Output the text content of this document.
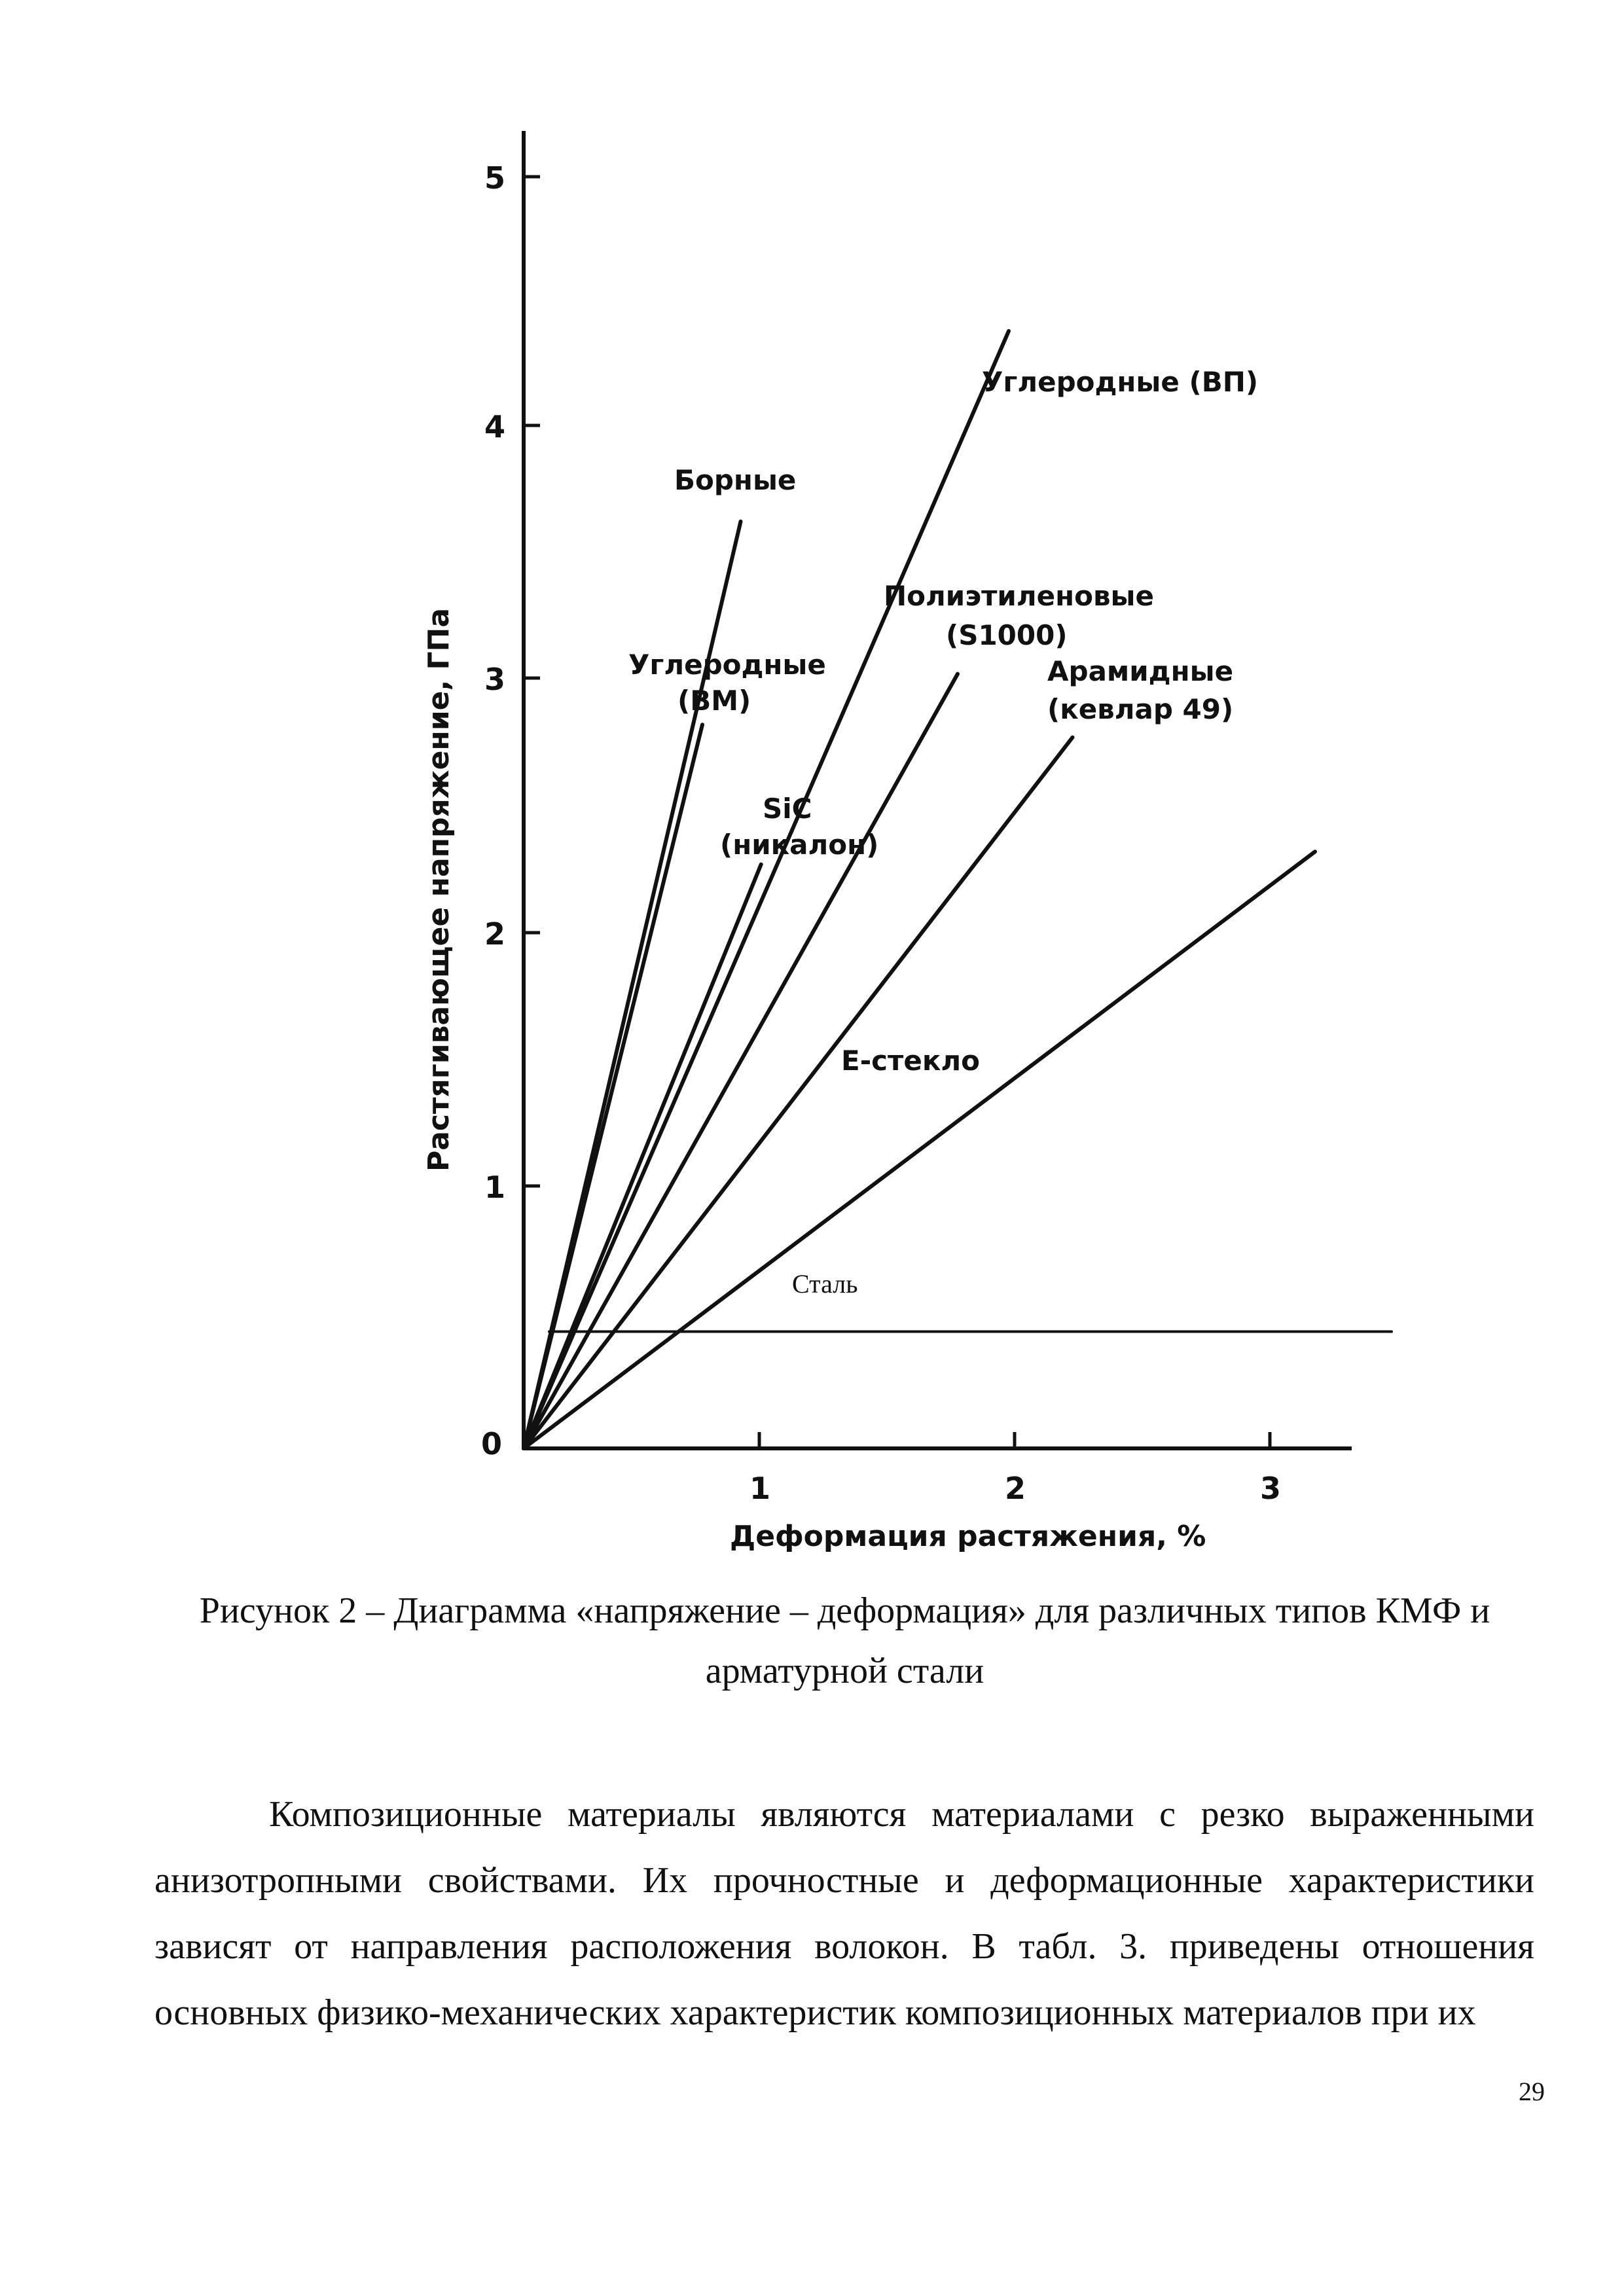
0
1
2
3
4
5
1	2	3
Деформация растяжения, %
Растягивающее напряжение, ГПа
Борные
Углеродные
(ВМ)
SiC
(никалон)
Углеродные (ВП)
Полиэтиленовые
(S1000)
Арамидные
(кевлар 49)
Е-стекло
Сталь
Рисунок 2 – Диаграмма «напряжение – деформация» для различных типов КМФ и
арматурной стали
Композиционные материалы являются материалами с резко выраженными анизотропными свойствами. Их прочностные и деформационные характеристики зависят от направления расположения волокон. В табл. 3. приведены отношения основных физико-механических характеристик композиционных материалов при их
29
